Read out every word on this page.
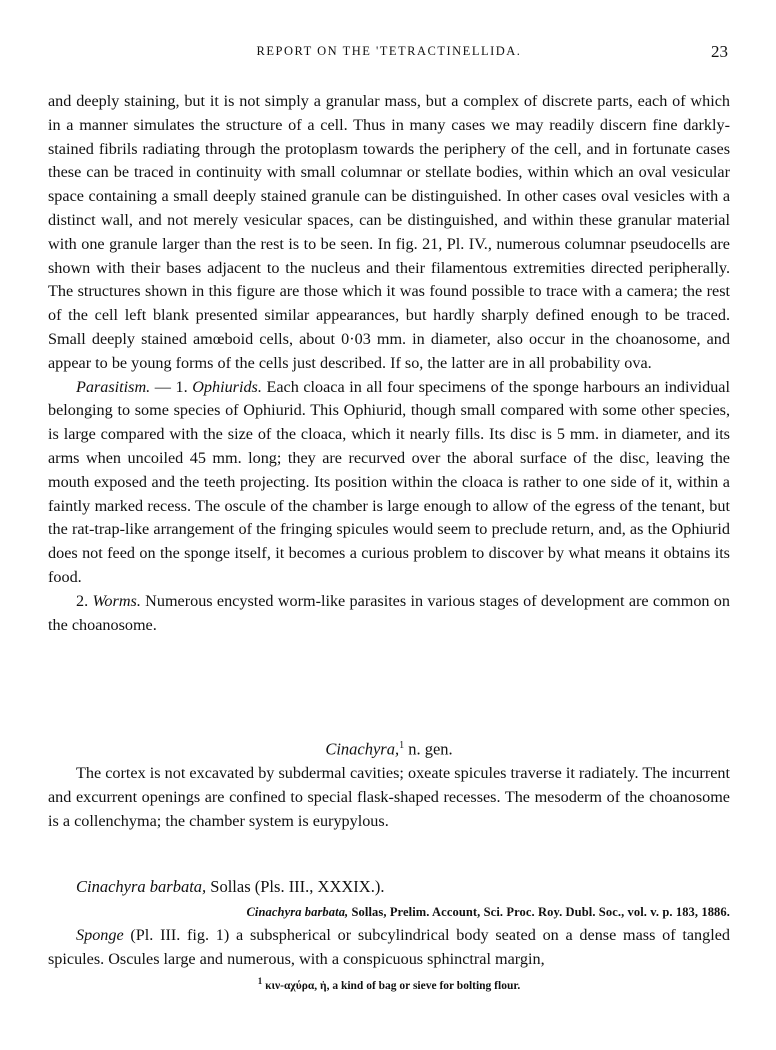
REPORT ON THE 'TETRACTINELLIDA.	23

and deeply staining, but it is not simply a granular mass, but a complex of discrete parts, each of which in a manner simulates the structure of a cell. Thus in many cases we may readily discern fine darkly-stained fibrils radiating through the protoplasm towards the periphery of the cell, and in fortunate cases these can be traced in continuity with small columnar or stellate bodies, within which an oval vesicular space containing a small deeply stained granule can be distinguished. In other cases oval vesicles with a distinct wall, and not merely vesicular spaces, can be distinguished, and within these granular material with one granule larger than the rest is to be seen. In fig. 21, Pl. IV., numerous columnar pseudocells are shown with their bases adjacent to the nucleus and their filamentous extremities directed peripherally. The structures shown in this figure are those which it was found possible to trace with a camera; the rest of the cell left blank presented similar appearances, but hardly sharply defined enough to be traced. Small deeply stained amœboid cells, about 0·03 mm. in diameter, also occur in the choanosome, and appear to be young forms of the cells just described. If so, the latter are in all probability ova.

Parasitism. — 1. Ophiurids. Each cloaca in all four specimens of the sponge harbours an individual belonging to some species of Ophiurid. This Ophiurid, though small compared with some other species, is large compared with the size of the cloaca, which it nearly fills. Its disc is 5 mm. in diameter, and its arms when uncoiled 45 mm. long; they are recurved over the aboral surface of the disc, leaving the mouth exposed and the teeth projecting. Its position within the cloaca is rather to one side of it, within a faintly marked recess. The oscule of the chamber is large enough to allow of the egress of the tenant, but the rat-trap-like arrangement of the fringing spicules would seem to preclude return, and, as the Ophiurid does not feed on the sponge itself, it becomes a curious problem to discover by what means it obtains its food.

2. Worms. Numerous encysted worm-like parasites in various stages of development are common on the choanosome.

Cinachyra,$^1$ n. gen.
The cortex is not excavated by subdermal cavities; oxeate spicules traverse it radiately. The incurrent and excurrent openings are confined to special flask-shaped recesses. The mesoderm of the choanosome is a collenchyma; the chamber system is eurypylous.
Cinachyra barbata, Sollas (Pls. III., XXXIX.).
Cinachyra barbata, Sollas, Prelim. Account, Sci. Proc. Roy. Dubl. Soc., vol. v. p. 183, 1886.
Sponge (Pl. III. fig. 1) a subspherical or subcylindrical body seated on a dense mass of tangled spicules. Oscules large and numerous, with a conspicuous sphinctral margin,
$^1$ κιν-αχύρα, ἡ, a kind of bag or sieve for bolting flour.
